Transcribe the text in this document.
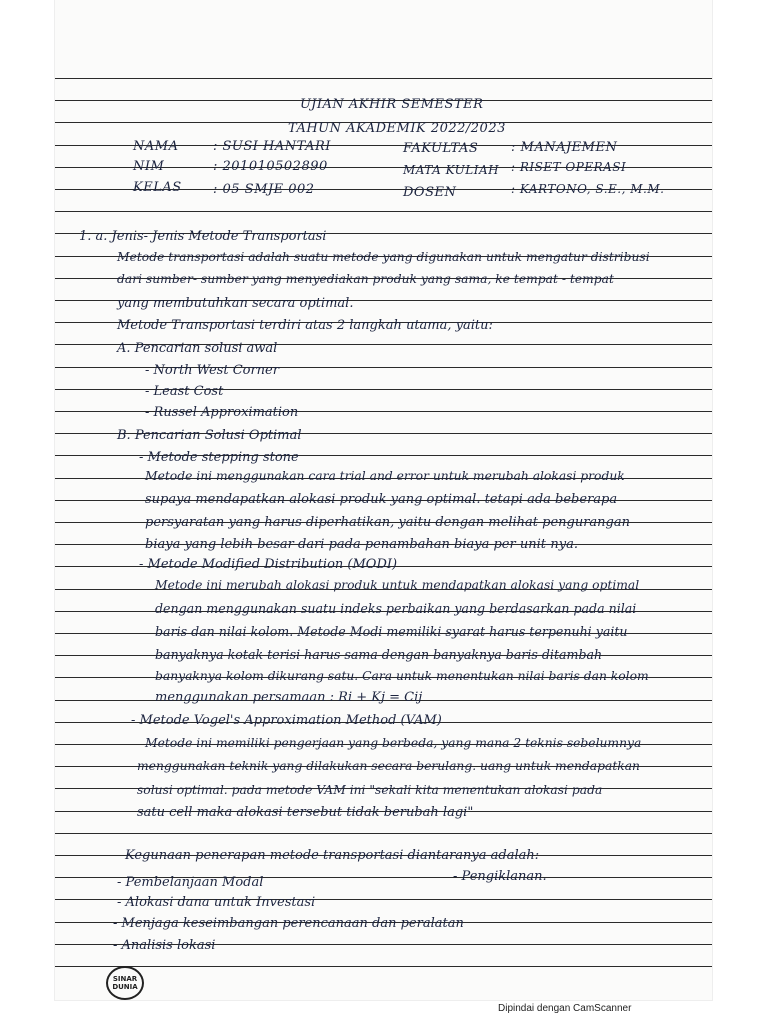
UJIAN AKHIR SEMESTER
TAHUN AKADEMIK 2022/2023
NAMA	: SUSI HANTARI	FAKULTAS	: MANAJEMEN
NIM	: 201010502890	MATA KULIAH : RISET OPERASI
KELAS : 05 SMJE 002	DOSEN	: KARTONO, S.E., M.M.
1. a. Jenis- Jenis Metode Transportasi
Metode transportasi adalah suatu metode yang digunakan untuk mengatur distribusi
dari sumber- sumber yang menyediakan produk yang sama, ke tempat - tempat
yang membutuhkan secara optimal.
Metode Transportasi terdiri atas 2 langkah utama, yaitu:
A. Pencarian solusi awal
- North West Corner
- Least Cost
- Russel Approximation
B. Pencarian Solusi Optimal
- Metode stepping stone
Metode ini menggunakan cara trial and error untuk merubah alokasi produk
supaya mendapatkan alokasi produk yang optimal. tetapi ada beberapa
persyaratan yang harus diperhatikan, yaitu dengan melihat pengurangan
biaya yang lebih besar dari pada penambahan biaya per unit-nya.
- Metode Modified Distribution (MODI)
Metode ini merubah alokasi produk untuk mendapatkan alokasi yang optimal
dengan menggunakan suatu indeks perbaikan yang berdasarkan pada nilai
baris dan nilai kolom. Metode Modi memiliki syarat harus terpenuhi yaitu
banyaknya kotak terisi harus sama dengan banyaknya baris ditambah
banyaknya kolom dikurang satu. Cara untuk menentukan nilai baris dan kolom
menggunakan persamaan : Ri + Kj = Cij
- Metode Vogel's Approximation Method (VAM)
Metode ini memiliki pengerjaan yang berbeda, yang mana 2 teknis sebelumnya
menggunakan teknik yang dilakukan secara berulang. uang untuk mendapatkan
solusi optimal. pada metode VAM ini "sekali kita menentukan alokasi pada
satu cell maka alokasi tersebut tidak berubah lagi"
Kegunaan penerapan metode transportasi diantaranya adalah:
- Pembelanjaan Modal	- Pengiklanan.
- Alokasi dana untuk Investasi
- Menjaga keseimbangan perencanaan dan peralatan
- Analisis lokasi
SINAR
DUNIA
Dipindai dengan CamScanner
